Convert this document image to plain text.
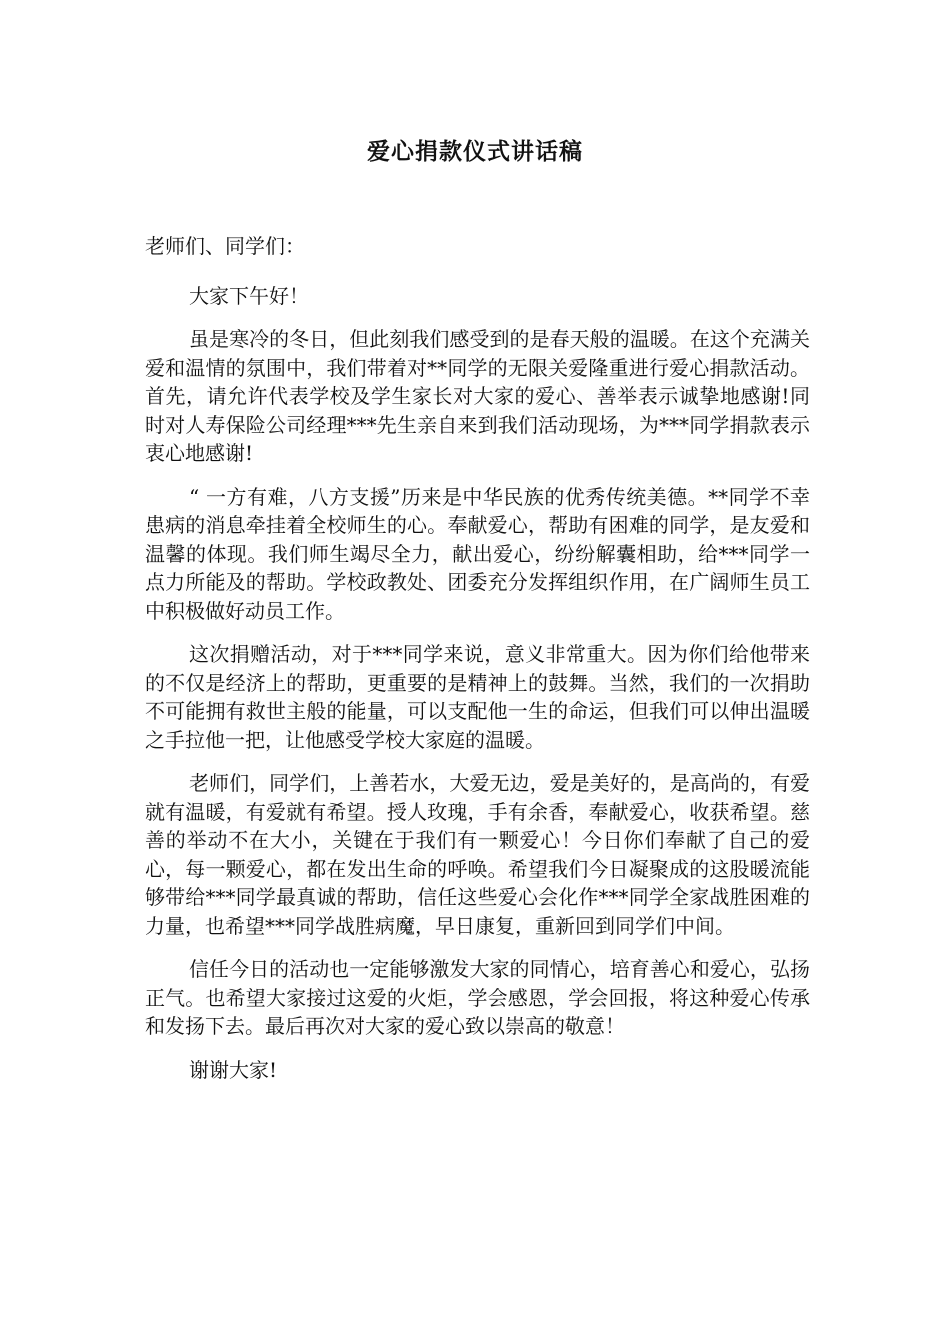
爱心捐款仪式讲话稿

老师们、同学们：

大家下午好！

虽是寒冷的冬日，但此刻我们感受到的是春天般的温暖。在这个充满关爱和温情的氛围中，我们带着对**同学的无限关爱隆重进行爱心捐款活动。首先，请允许代表学校及学生家长对大家的爱心、善举表示诚挚地感谢!同时对人寿保险公司经理***先生亲自来到我们活动现场，为***同学捐款表示衷心地感谢!

“ 一方有难，八方支援”历来是中华民族的优秀传统美德。**同学不幸患病的消息牵挂着全校师生的心。奉献爱心，帮助有困难的同学，是友爱和温馨的体现。我们师生竭尽全力，献出爱心，纷纷解囊相助，给***同学一点力所能及的帮助。学校政教处、团委充分发挥组织作用，在广阔师生员工中积极做好动员工作。

这次捐赠活动，对于***同学来说，意义非常重大。因为你们给他带来的不仅是经济上的帮助，更重要的是精神上的鼓舞。当然，我们的一次捐助不可能拥有救世主般的能量，可以支配他一生的命运，但我们可以伸出温暖之手拉他一把，让他感受学校大家庭的温暖。

老师们，同学们，上善若水，大爱无边，爱是美好的，是高尚的，有爱就有温暖，有爱就有希望。授人玫瑰，手有余香，奉献爱心，收获希望。慈善的举动不在大小，关键在于我们有一颗爱心！今日你们奉献了自己的爱心，每一颗爱心，都在发出生命的呼唤。希望我们今日凝聚成的这股暖流能够带给***同学最真诚的帮助，信任这些爱心会化作***同学全家战胜困难的力量，也希望***同学战胜病魔，早日康复，重新回到同学们中间。

信任今日的活动也一定能够激发大家的同情心，培育善心和爱心，弘扬正气。也希望大家接过这爱的火炬，学会感恩，学会回报，将这种爱心传承和发扬下去。最后再次对大家的爱心致以崇高的敬意！

谢谢大家!
